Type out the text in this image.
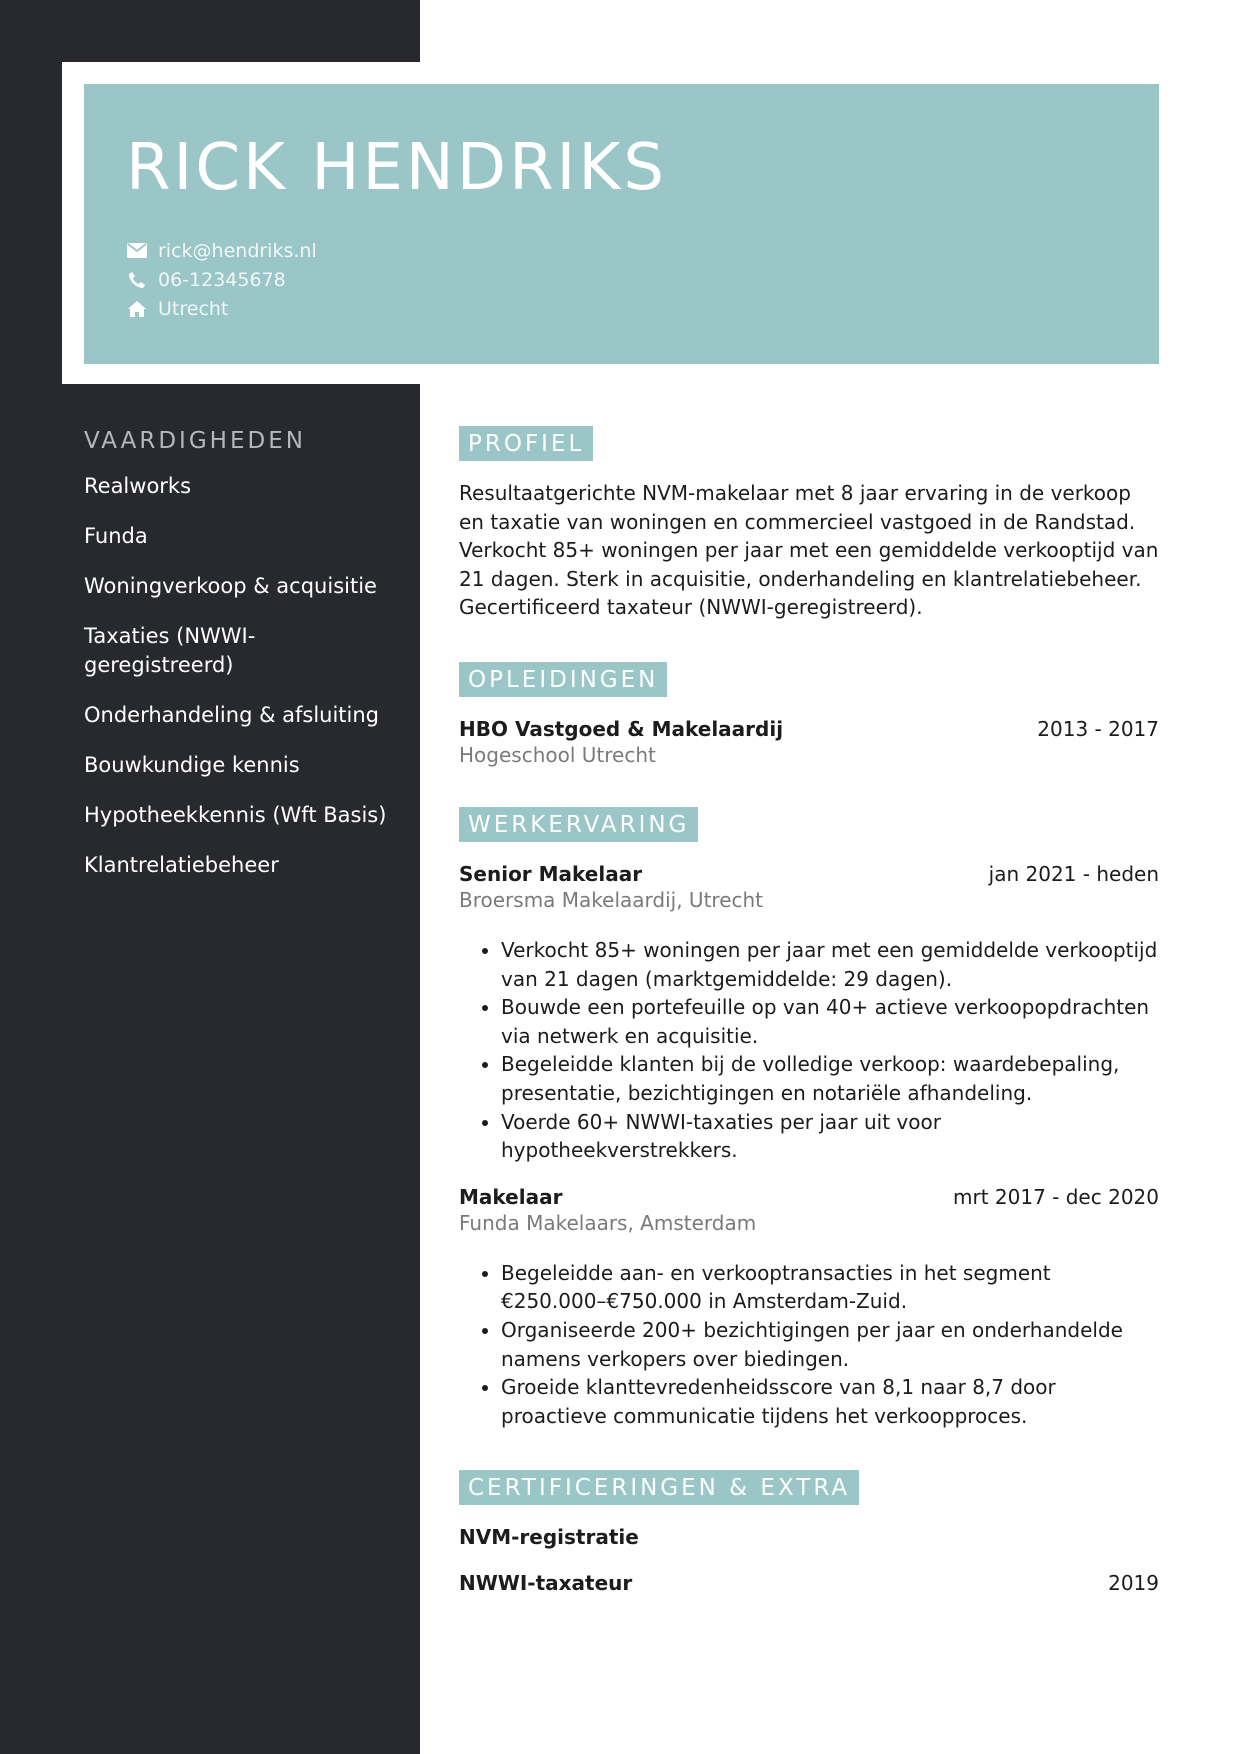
RICK HENDRIKS
rick@hendriks.nl
06-12345678
Utrecht
VAARDIGHEDEN
Realworks
Funda
Woningverkoop & acquisitie
Taxaties (NWWI-geregistreerd)
Onderhandeling & afsluiting
Bouwkundige kennis
Hypotheekkennis (Wft Basis)
Klantrelatiebeheer
PROFIEL
Resultaatgerichte NVM-makelaar met 8 jaar ervaring in de verkoop en taxatie van woningen en commercieel vastgoed in de Randstad. Verkocht 85+ woningen per jaar met een gemiddelde verkooptijd van 21 dagen. Sterk in acquisitie, onderhandeling en klantrelatiebeheer. Gecertificeerd taxateur (NWWI-geregistreerd).
OPLEIDINGEN
HBO Vastgoed & Makelaardij	2013 - 2017
Hogeschool Utrecht
WERKERVARING
Senior Makelaar	jan 2021 - heden
Broersma Makelaardij, Utrecht
• Verkocht 85+ woningen per jaar met een gemiddelde verkooptijd van 21 dagen (marktgemiddelde: 29 dagen).
• Bouwde een portefeuille op van 40+ actieve verkoopopdrachten via netwerk en acquisitie.
• Begeleidde klanten bij de volledige verkoop: waardebepaling, presentatie, bezichtigingen en notariële afhandeling.
• Voerde 60+ NWWI-taxaties per jaar uit voor hypotheekverstrekkers.
Makelaar	mrt 2017 - dec 2020
Funda Makelaars, Amsterdam
• Begeleidde aan- en verkooptransacties in het segment €250.000–€750.000 in Amsterdam-Zuid.
• Organiseerde 200+ bezichtigingen per jaar en onderhandelde namens verkopers over biedingen.
• Groeide klanttevredenheidsscore van 8,1 naar 8,7 door proactieve communicatie tijdens het verkoopproces.
CERTIFICERINGEN & EXTRA
NVM-registratie
NWWI-taxateur	2019
